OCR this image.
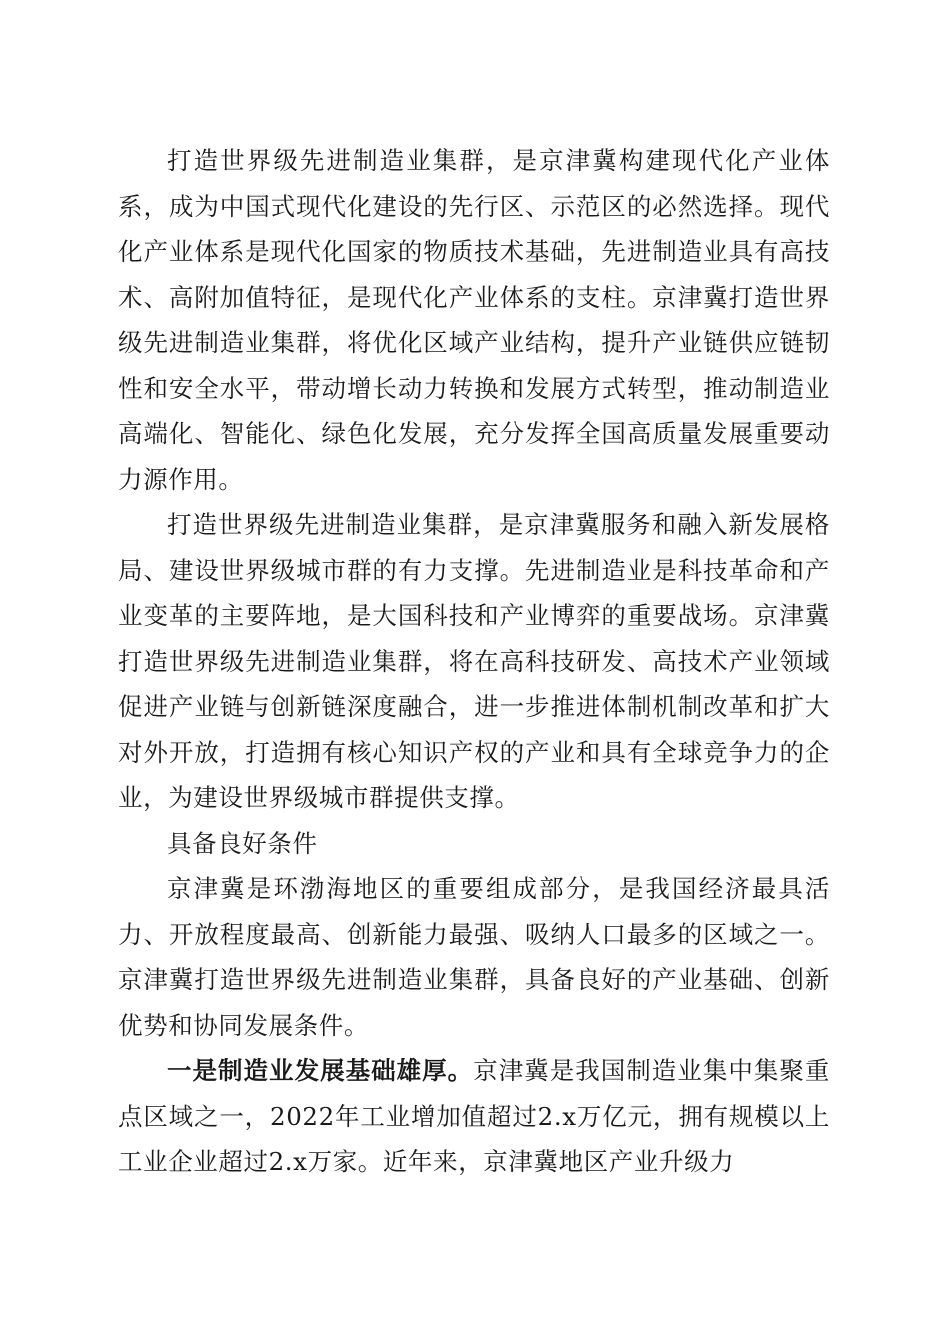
打造世界级先进制造业集群，是京津冀构建现代化产业体系，成为中国式现代化建设的先行区、示范区的必然选择。现代化产业体系是现代化国家的物质技术基础，先进制造业具有高技术、高附加值特征，是现代化产业体系的支柱。京津冀打造世界级先进制造业集群，将优化区域产业结构，提升产业链供应链韧性和安全水平，带动增长动力转换和发展方式转型，推动制造业高端化、智能化、绿色化发展，充分发挥全国高质量发展重要动力源作用。

打造世界级先进制造业集群，是京津冀服务和融入新发展格局、建设世界级城市群的有力支撑。先进制造业是科技革命和产业变革的主要阵地，是大国科技和产业博弈的重要战场。京津冀打造世界级先进制造业集群，将在高科技研发、高技术产业领域促进产业链与创新链深度融合，进一步推进体制机制改革和扩大对外开放，打造拥有核心知识产权的产业和具有全球竞争力的企业，为建设世界级城市群提供支撑。

具备良好条件

京津冀是环渤海地区的重要组成部分，是我国经济最具活力、开放程度最高、创新能力最强、吸纳人口最多的区域之一。京津冀打造世界级先进制造业集群，具备良好的产业基础、创新优势和协同发展条件。

一是制造业发展基础雄厚。京津冀是我国制造业集中集聚重点区域之一，2022年工业增加值超过2.x万亿元，拥有规模以上工业企业超过2.x万家。近年来，京津冀地区产业升级力
